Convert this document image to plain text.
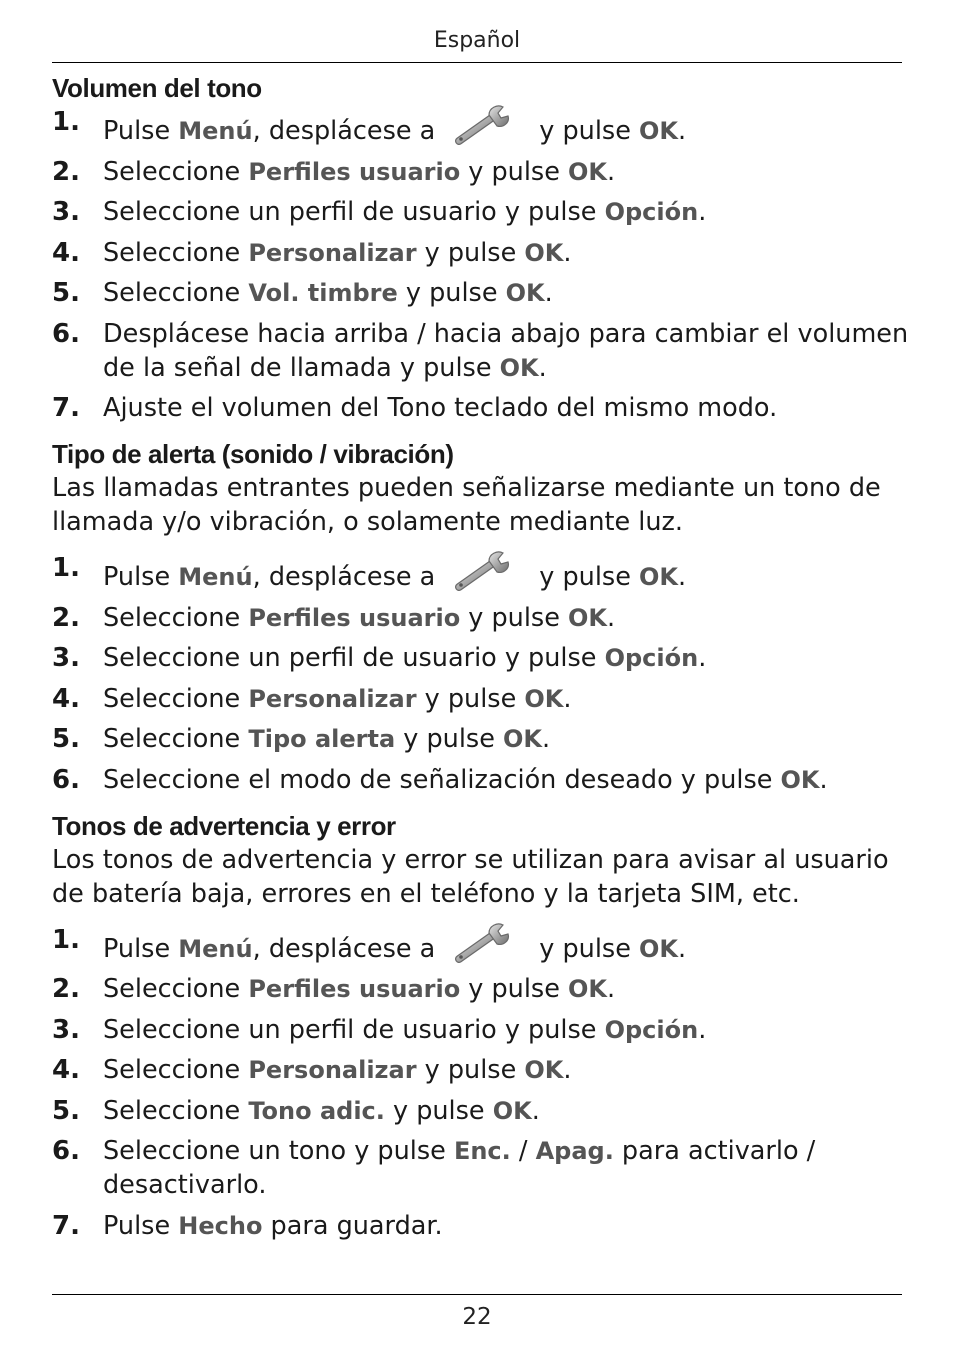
Español
Volumen del tono
1. Pulse Menú, desplácese a	y pulse OK.
2. Seleccione Perfiles usuario y pulse OK.
3. Seleccione un perfil de usuario y pulse Opción.
4. Seleccione Personalizar y pulse OK.
5. Seleccione Vol. timbre y pulse OK.
6. Desplácese hacia arriba / hacia abajo para cambiar el volumen de la señal de llamada y pulse OK.
7. Ajuste el volumen del Tono teclado del mismo modo.
Tipo de alerta (sonido / vibración)

Las llamadas entrantes pueden señalizarse mediante un tono de llamada y/o vibración, o solamente mediante luz.

1. Pulse Menú, desplácese a	y pulse OK.
2. Seleccione Perfiles usuario y pulse OK.
3. Seleccione un perfil de usuario y pulse Opción.
4. Seleccione Personalizar y pulse OK.
5. Seleccione Tipo alerta y pulse OK.
6. Seleccione el modo de señalización deseado y pulse OK.
Tonos de advertencia y error

Los tonos de advertencia y error se utilizan para avisar al usuario de batería baja, errores en el teléfono y la tarjeta SIM, etc.

1. Pulse Menú, desplácese a	y pulse OK.
2. Seleccione Perfiles usuario y pulse OK.
3. Seleccione un perfil de usuario y pulse Opción.
4. Seleccione Personalizar y pulse OK.
5. Seleccione Tono adic. y pulse OK.
6. Seleccione un tono y pulse Enc. / Apag. para activarlo / desactivarlo.
7. Pulse Hecho para guardar.
22
